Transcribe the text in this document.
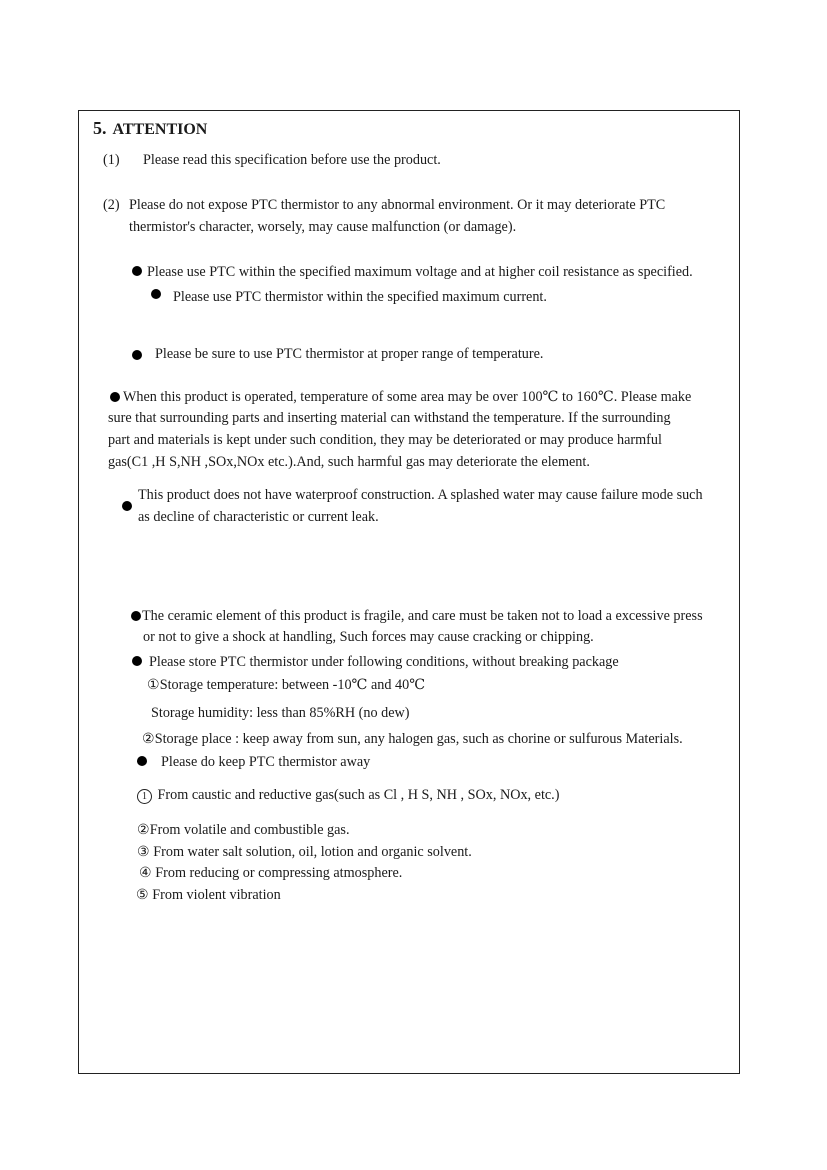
5. ATTENTION
(1) Please read this specification before use the product.
(2) Please do not expose PTC thermistor to any abnormal environment. Or it may deteriorate PTC
thermistor's character, worsely, may cause malfunction (or damage).
Please use PTC within the specified maximum voltage and at higher coil resistance as specified.
Please use PTC thermistor within the specified maximum current.
Please be sure to use PTC thermistor at proper range of temperature.
When this product is operated, temperature of some area may be over 100℃ to 160℃. Please make
sure that surrounding parts and inserting material can withstand the temperature. If the surrounding
part and materials is kept under such condition, they may be deteriorated or may produce harmful
gas(C1 ,H S,NH ,SOx,NOx etc.).And, such harmful gas may deteriorate the element.
This product does not have waterproof construction. A splashed water may cause failure mode such
as decline of characteristic or current leak.
The ceramic element of this product is fragile, and care must be taken not to load a excessive press
or not to give a shock at handling, Such forces may cause cracking or chipping.
Please store PTC thermistor under following conditions, without breaking package
①Storage temperature: between -10℃ and 40℃
Storage humidity: less than 85%RH (no dew)
②Storage place : keep away from sun, any halogen gas, such as chorine or sulfurous Materials.
Please do keep PTC thermistor away
1 From caustic and reductive gas(such as Cl , H S, NH , SOx, NOx, etc.)
②From volatile and combustible gas.
③ From water salt solution, oil, lotion and organic solvent.
④ From reducing or compressing atmosphere.
⑤ From violent vibration
